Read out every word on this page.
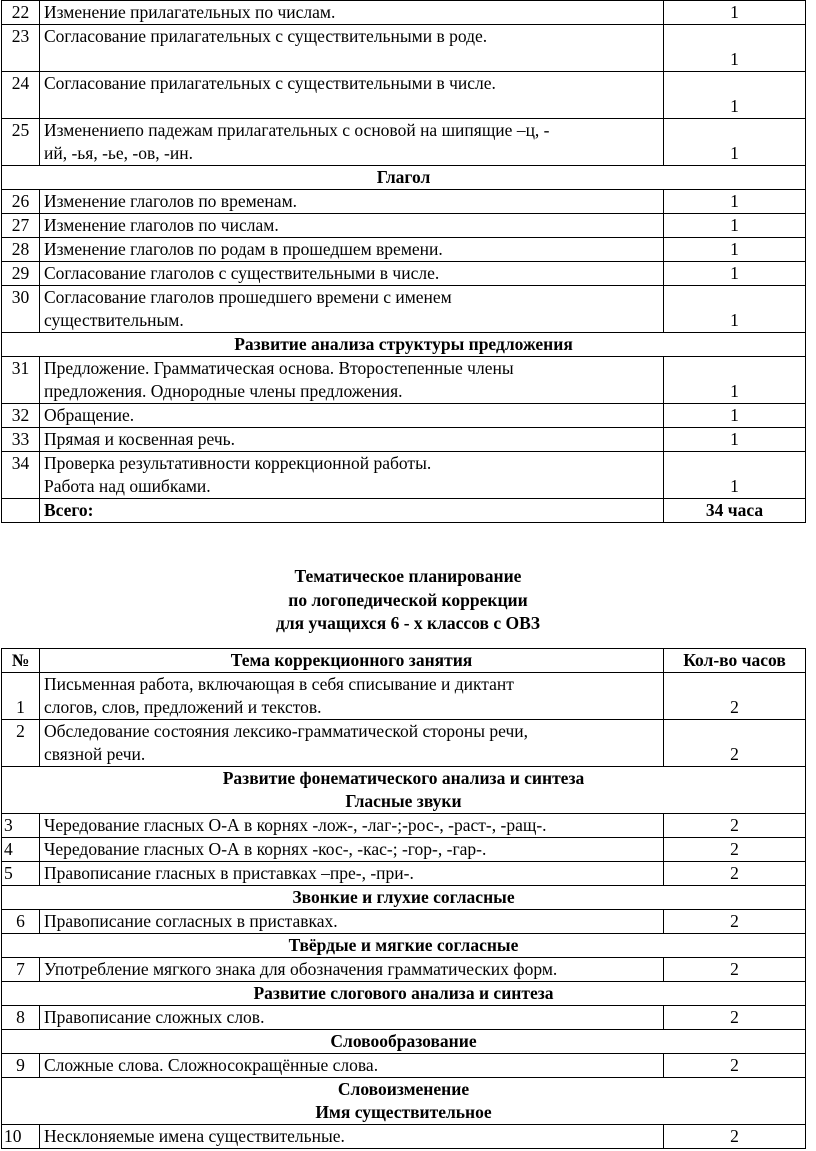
22	Изменение прилагательных по числам.	1
23	Согласование прилагательных с существительными в роде.	1
24	Согласование прилагательных с существительными в числе.	1
25	Изменениепо падежам прилагательных с основой на шипящие –ц, -
ий, -ья, -ье, -ов, -ин.	1

Глагол		

26	Изменение глаголов по временам.	1
27	Изменение глаголов по числам.	1
28	Изменение глаголов по родам в прошедшем времени.	1
29	Согласование глаголов с существительными в числе.	1
30	Согласование глаголов прошедшего времени с именем
существительным.	1

Развитие анализа структуры предложения		

31	Предложение. Грамматическая основа. Второстепенные члены
предложения. Однородные члены предложения.	1
32	Обращение.	1
33	Прямая и косвенная речь.	1
34	Проверка результативности коррекционной работы.
Работа над ошибками.	1

	Всего:	34 часа
Тематическое планирование
по логопедической коррекции
для учащихся 6 - х классов с ОВЗ
№	Тема коррекционного занятия	Кол-во часов
1	Письменная работа, включающая в себя списывание и диктант
слогов, слов, предложений и текстов.	2
2	Обследование состояния лексико-грамматической стороны речи,
связной речи.	2

Развитие фонематического анализа и синтеза
Гласные звуки		

3	Чередование гласных О-А в корнях -лож-, -лаг-;-рос-, -раст-, -ращ-.	2
4	Чередование гласных О-А в корнях -кос-, -кас-; -гор-, -гар-.	2
5	Правописание гласных в приставках –пре-, -при-.	2

Звонкие и глухие согласные		

6	Правописание согласных в приставках.	2

Твёрдые и мягкие согласные		

7	Употребление мягкого знака для обозначения грамматических форм.	2

Развитие слогового анализа и синтеза		

8	Правописание сложных слов.	2

Словообразование		

9	Сложные слова. Сложносокращённые слова.	2

Словоизменение
Имя существительное		

10	Несклоняемые имена существительные.	2
